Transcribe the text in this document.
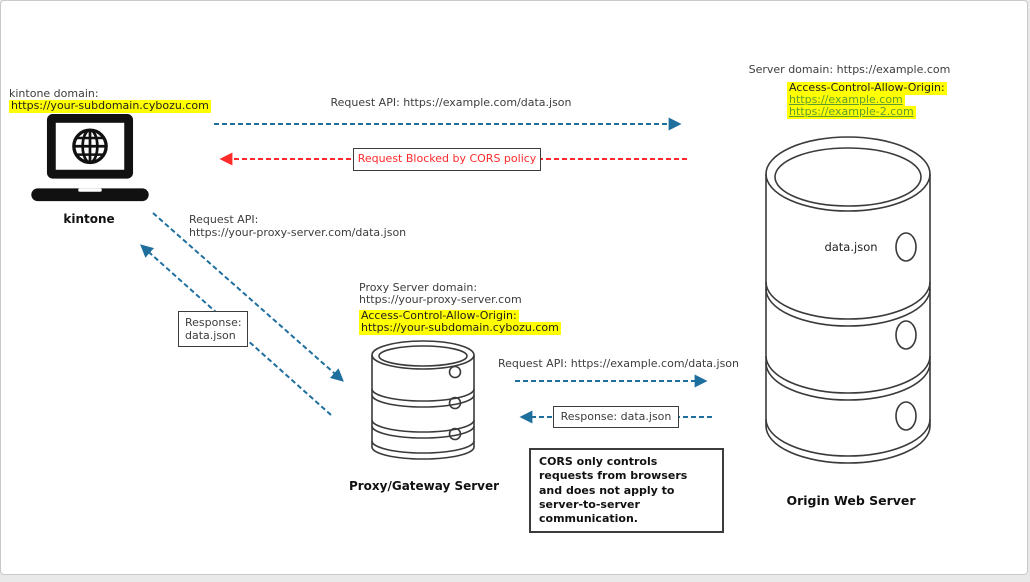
kintone domain:
https://your-subdomain.cybozu.com
kintone
Request API: https://example.com/data.json
Request Blocked by CORS policy
Request API:
https://your-proxy-server.com/data.json
Response:
data.json
Proxy Server domain:
https://your-proxy-server.com
Access-Control-Allow-Origin:
https://your-subdomain.cybozu.com
Proxy/Gateway Server
Request API: https://example.com/data.json
Response: data.json
CORS only controls requests from browsers and does not apply to server-to-server communication.
Server domain: https://example.com
Access-Control-Allow-Origin:
https://example.com
https://example-2.com
data.json
Origin Web Server
